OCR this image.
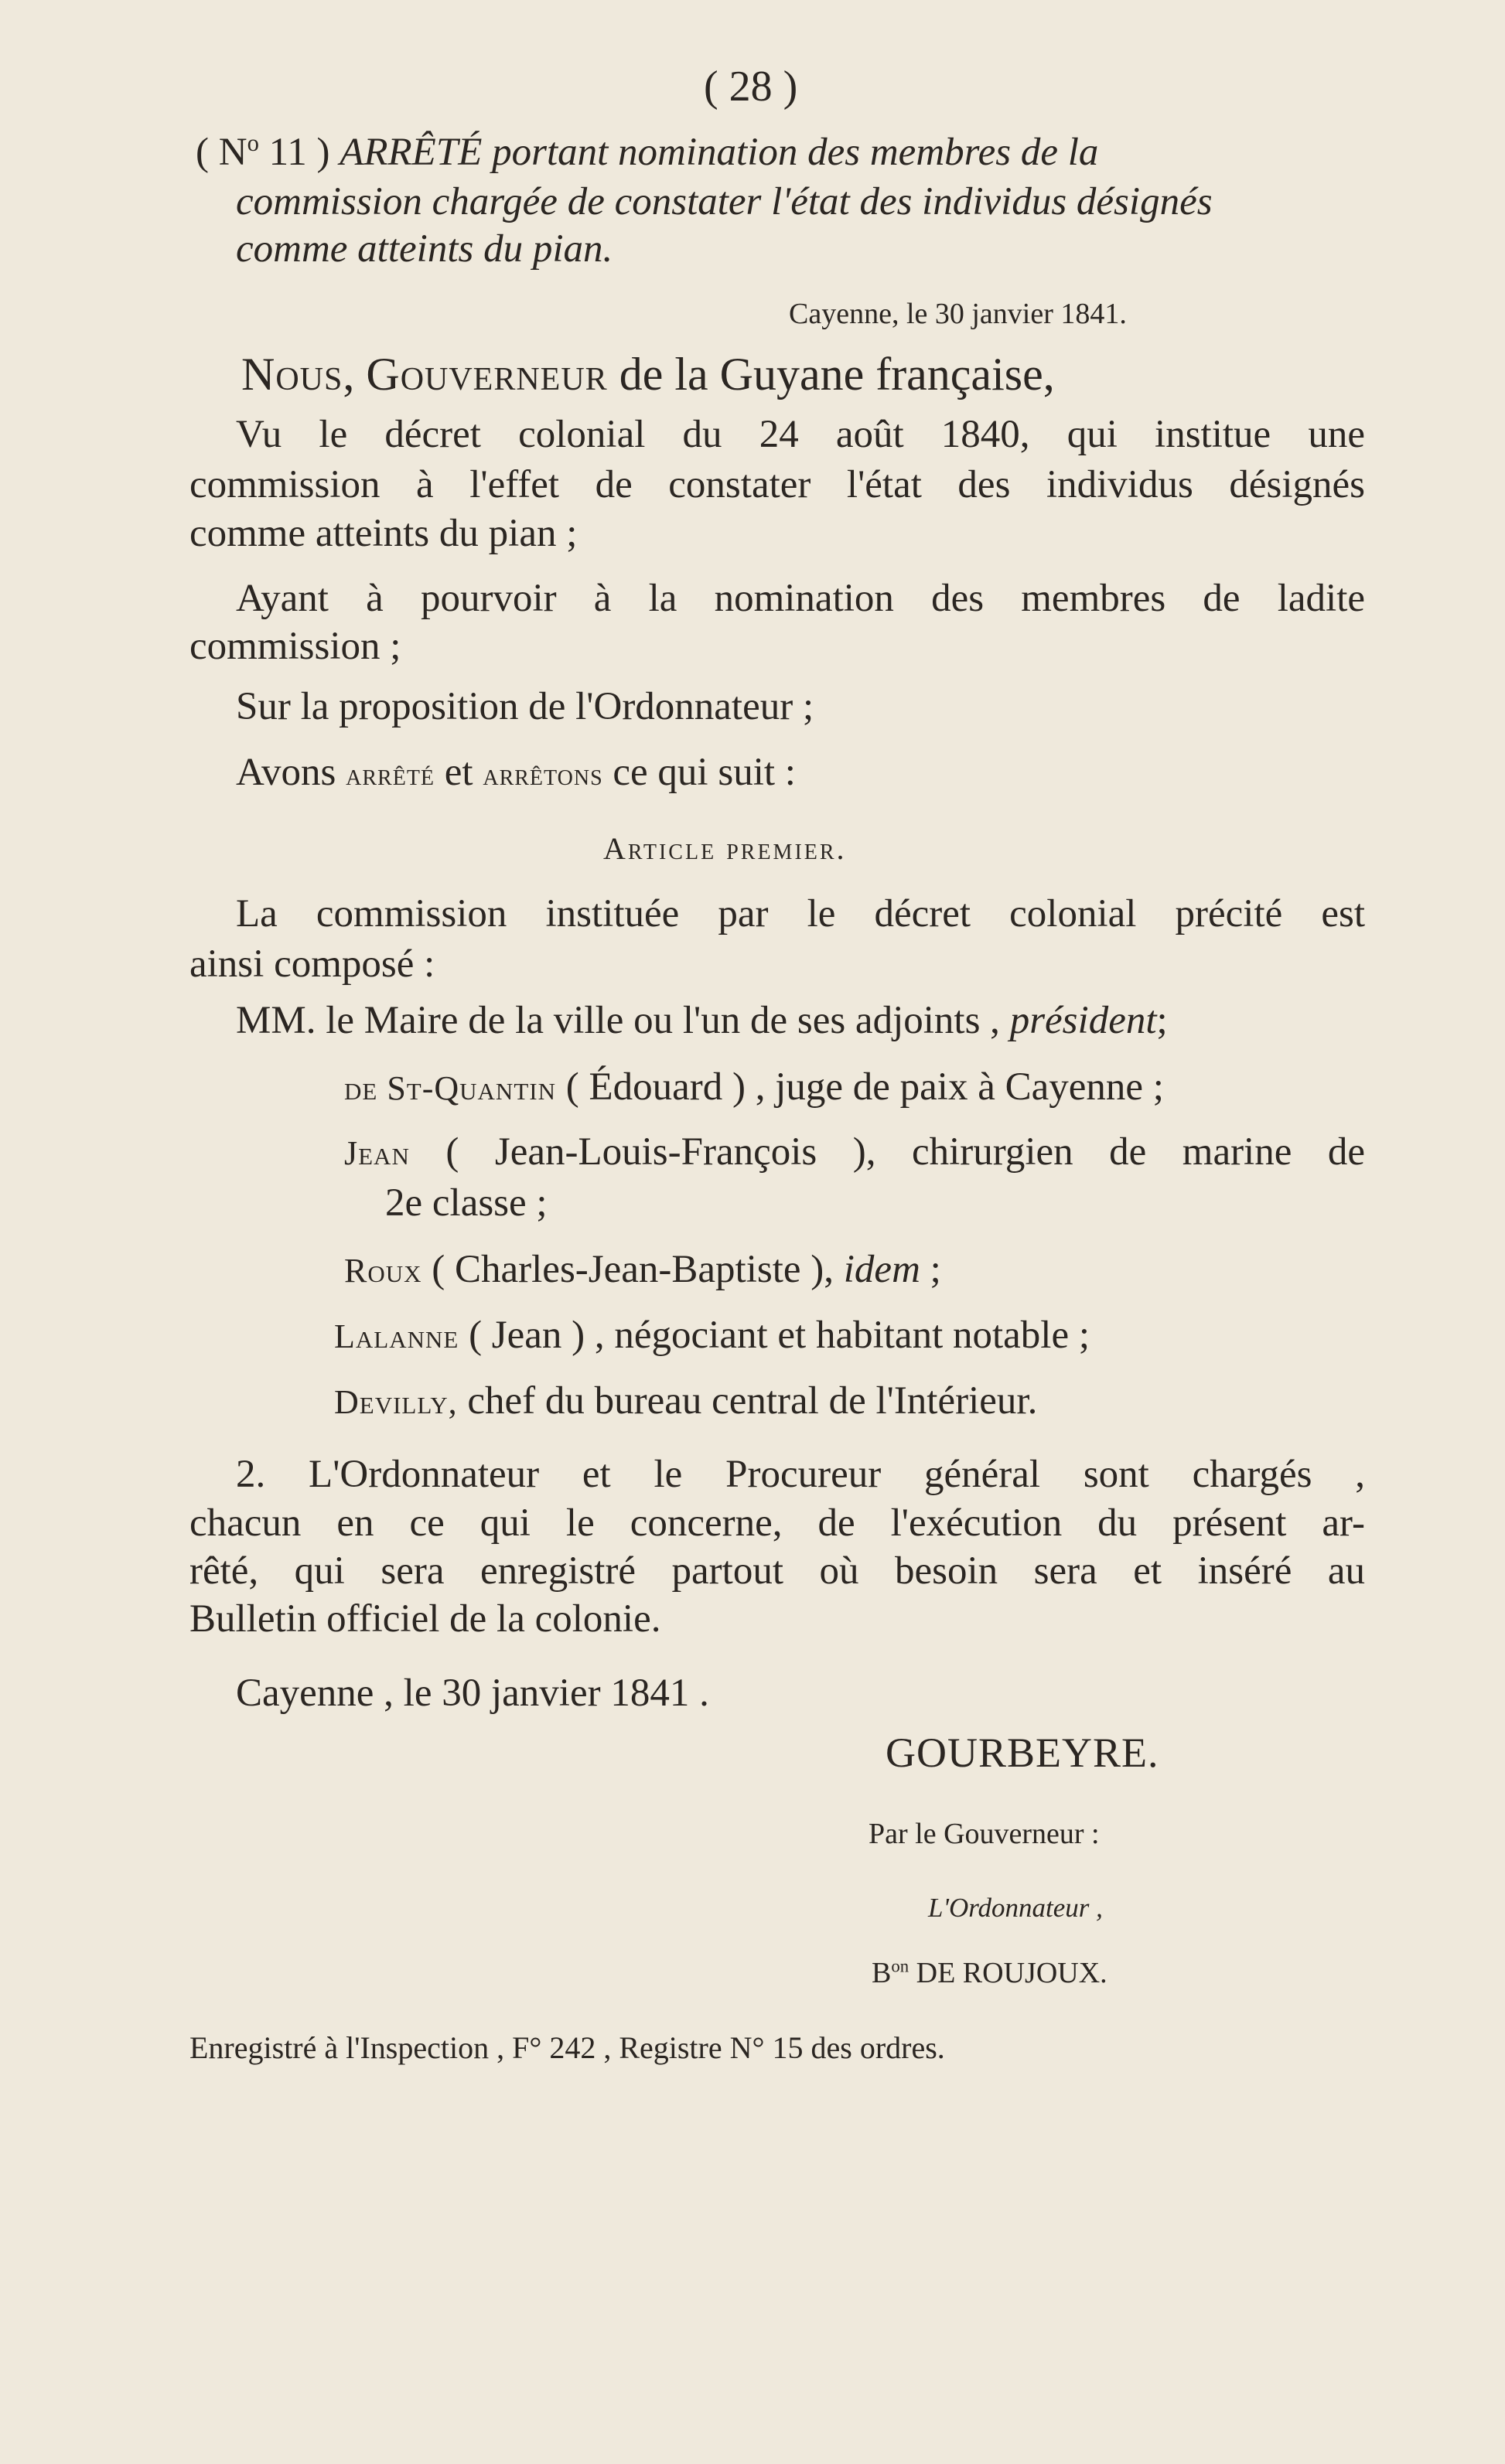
( 28 )
( $N^o$ 11 ) ARRÊTÉ portant nomination des membres de la
commission chargée de constater l'état des individus désignés
comme atteints du pian.
Cayenne, le 30 janvier 1841.
Nous, Gouverneur de la Guyane française,
Vu le décret colonial du 24 août 1840, qui institue une
commission à l'effet de constater l'état des individus désignés
comme atteints du pian ;
Ayant à pourvoir à la nomination des membres de ladite
commission ;
Sur la proposition de l'Ordonnateur ;
Avons arrêté et arrêtons ce qui suit :
Article premier.
La commission instituée par le décret colonial précité est
ainsi composé :
MM. le Maire de la ville ou l'un de ses adjoints , président;
de St-Quantin ( Édouard ) , juge de paix à Cayenne ;
Jean ( Jean-Louis-François ), chirurgien de marine de
2e classe ;
Roux ( Charles-Jean-Baptiste ), idem ;
Lalanne ( Jean ) , négociant et habitant notable ;
Devilly, chef du bureau central de l'Intérieur.
2. L'Ordonnateur et le Procureur général sont chargés ,
chacun en ce qui le concerne, de l'exécution du présent ar-
rêté, qui sera enregistré partout où besoin sera et inséré au
Bulletin officiel de la colonie.
Cayenne , le 30 janvier 1841 .
GOURBEYRE.
Par le Gouverneur :
L'Ordonnateur ,
$B^{on}$ DE ROUJOUX.
Enregistré à l'Inspection , F° 242 , Registre N° 15 des ordres.
